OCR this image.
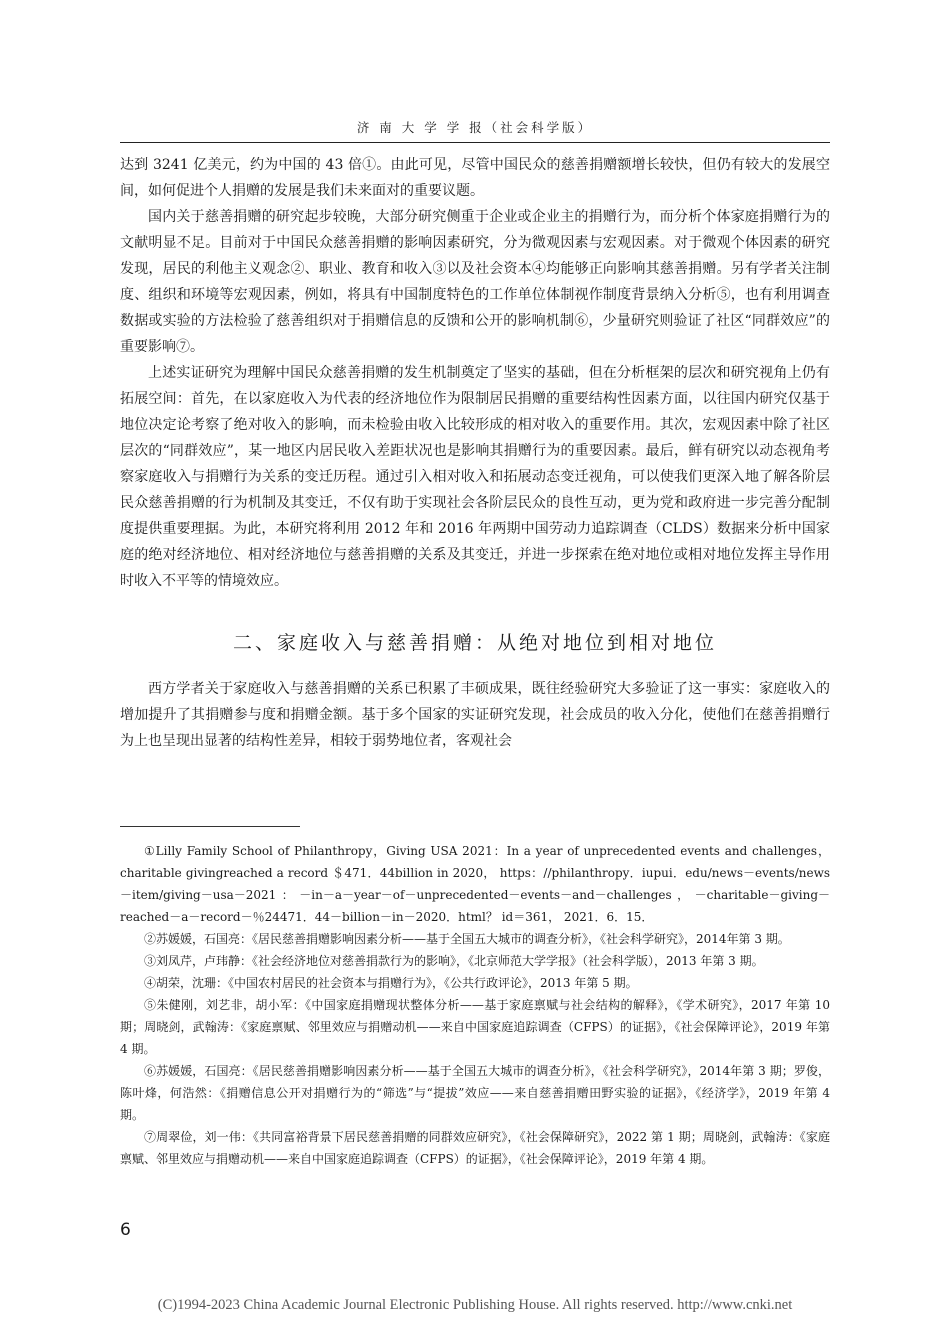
济 南 大 学 学 报（社会科学版）

达到 3241 亿美元，约为中国的 43 倍①。由此可见，尽管中国民众的慈善捐赠额增长较快，但仍有较大的发展空间，如何促进个人捐赠的发展是我们未来面对的重要议题。

国内关于慈善捐赠的研究起步较晚，大部分研究侧重于企业或企业主的捐赠行为，而分析个体家庭捐赠行为的文献明显不足。目前对于中国民众慈善捐赠的影响因素研究，分为微观因素与宏观因素。对于微观个体因素的研究发现，居民的利他主义观念②、职业、教育和收入③以及社会资本④均能够正向影响其慈善捐赠。另有学者关注制度、组织和环境等宏观因素，例如，将具有中国制度特色的工作单位体制视作制度背景纳入分析⑤，也有利用调查数据或实验的方法检验了慈善组织对于捐赠信息的反馈和公开的影响机制⑥，少量研究则验证了社区“同群效应”的重要影响⑦。

上述实证研究为理解中国民众慈善捐赠的发生机制奠定了坚实的基础，但在分析框架的层次和研究视角上仍有拓展空间：首先，在以家庭收入为代表的经济地位作为限制居民捐赠的重要结构性因素方面，以往国内研究仅基于地位决定论考察了绝对收入的影响，而未检验由收入比较形成的相对收入的重要作用。其次，宏观因素中除了社区层次的“同群效应”，某一地区内居民收入差距状况也是影响其捐赠行为的重要因素。最后，鲜有研究以动态视角考察家庭收入与捐赠行为关系的变迁历程。通过引入相对收入和拓展动态变迁视角，可以使我们更深入地了解各阶层民众慈善捐赠的行为机制及其变迁，不仅有助于实现社会各阶层民众的良性互动，更为党和政府进一步完善分配制度提供重要理据。为此，本研究将利用 2012 年和 2016 年两期中国劳动力追踪调查（CLDS）数据来分析中国家庭的绝对经济地位、相对经济地位与慈善捐赠的关系及其变迁，并进一步探索在绝对地位或相对地位发挥主导作用时收入不平等的情境效应。

二、家庭收入与慈善捐赠：从绝对地位到相对地位

西方学者关于家庭收入与慈善捐赠的关系已积累了丰硕成果，既往经验研究大多验证了这一事实：家庭收入的增加提升了其捐赠参与度和捐赠金额。基于多个国家的实证研究发现，社会成员的收入分化，使他们在慈善捐赠行为上也呈现出显著的结构性差异，相较于弱势地位者，客观社会

①Lilly Family School of Philanthropy，Giving USA 2021：In a year of unprecedented events and challenges， charitable givingreached a record ＄471．44billion in 2020， https：//philanthropy．iupui．edu/news－events/news－item/giving－usa－2021：－in－a－year－of－unprecedented－events－and－challenges，－charitable－giving－reached－a－record－％24471．44－billion－in－2020．html？ id＝361， 2021．6．15．

②苏媛媛，石国亮：《居民慈善捐赠影响因素分析——基于全国五大城市的调查分析》，《社会科学研究》，2014年第 3 期。

③刘凤芹，卢玮静：《社会经济地位对慈善捐款行为的影响》，《北京师范大学学报》（社会科学版），2013 年第 3 期。

④胡荣，沈珊：《中国农村居民的社会资本与捐赠行为》，《公共行政评论》，2013 年第 5 期。

⑤朱健刚，刘艺非，胡小军：《中国家庭捐赠现状整体分析——基于家庭禀赋与社会结构的解释》，《学术研究》，2017 年第 10 期；周晓剑，武翰涛：《家庭禀赋、邻里效应与捐赠动机——来自中国家庭追踪调查（CFPS）的证据》，《社会保障评论》，2019 年第 4 期。

⑥苏媛媛，石国亮：《居民慈善捐赠影响因素分析——基于全国五大城市的调查分析》，《社会科学研究》，2014年第 3 期；罗俊，陈叶烽，何浩然：《捐赠信息公开对捐赠行为的“筛选”与“提拔”效应——来自慈善捐赠田野实验的证据》，《经济学》，2019 年第 4 期。

⑦周翠俭，刘一伟：《共同富裕背景下居民慈善捐赠的同群效应研究》，《社会保障研究》，2022 第 1 期；周晓剑，武翰涛：《家庭禀赋、邻里效应与捐赠动机——来自中国家庭追踪调查（CFPS）的证据》，《社会保障评论》，2019 年第 4 期。

6
(C)1994-2023 China Academic Journal Electronic Publishing House. All rights reserved. http://www.cnki.net
